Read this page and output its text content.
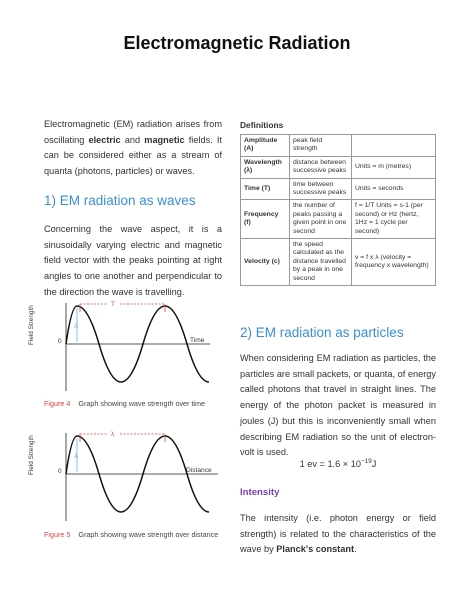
Electromagnetic Radiation
Electromagnetic (EM) radiation arises from oscillating electric and magnetic fields. It can be considered either as a stream of quanta (photons, particles) or waves.
1) EM radiation as waves
Concerning the wave aspect, it is a sinusoidally varying electric and magnetic field vector with the peaks pointing at right angles to one another and perpendicular to the direction the wave is travelling.
Field Strength	0	Time
T
A
Figure 4 Graph showing wave strength over time
Field Strength	0	Distance
λ
A
Figure 5 Graph showing wave strength over distance
Definitions
Amplitude (A)	peak field strength	
Wavelength (λ)	distance between successive peaks	Units = m (metres)
Time (T)	time between successive peaks	Units = seconds
Frequency (f)	the number of peaks passing a given point in one second	f = 1/T Units = s-1 (per second) or Hz (hertz, 1Hz = 1 cycle per second)
Velocity (c)	the speed calculated as the distance travelled by a peak in one second	v = f x λ (velocity = frequency x wavelength)
2) EM radiation as particles
When considering EM radiation as particles, the particles are small packets, or quanta, of energy called photons that travel in straight lines. The energy of the photon packet is measured in joules (J) but this is inconveniently small when describing EM radiation so the unit of electron-volt is used.
1 ev = $1.6 \times 10^{-19}J$
Intensity
The intensity (i.e. photon energy or field strength) is related to the characteristics of the wave by Planck's constant.
